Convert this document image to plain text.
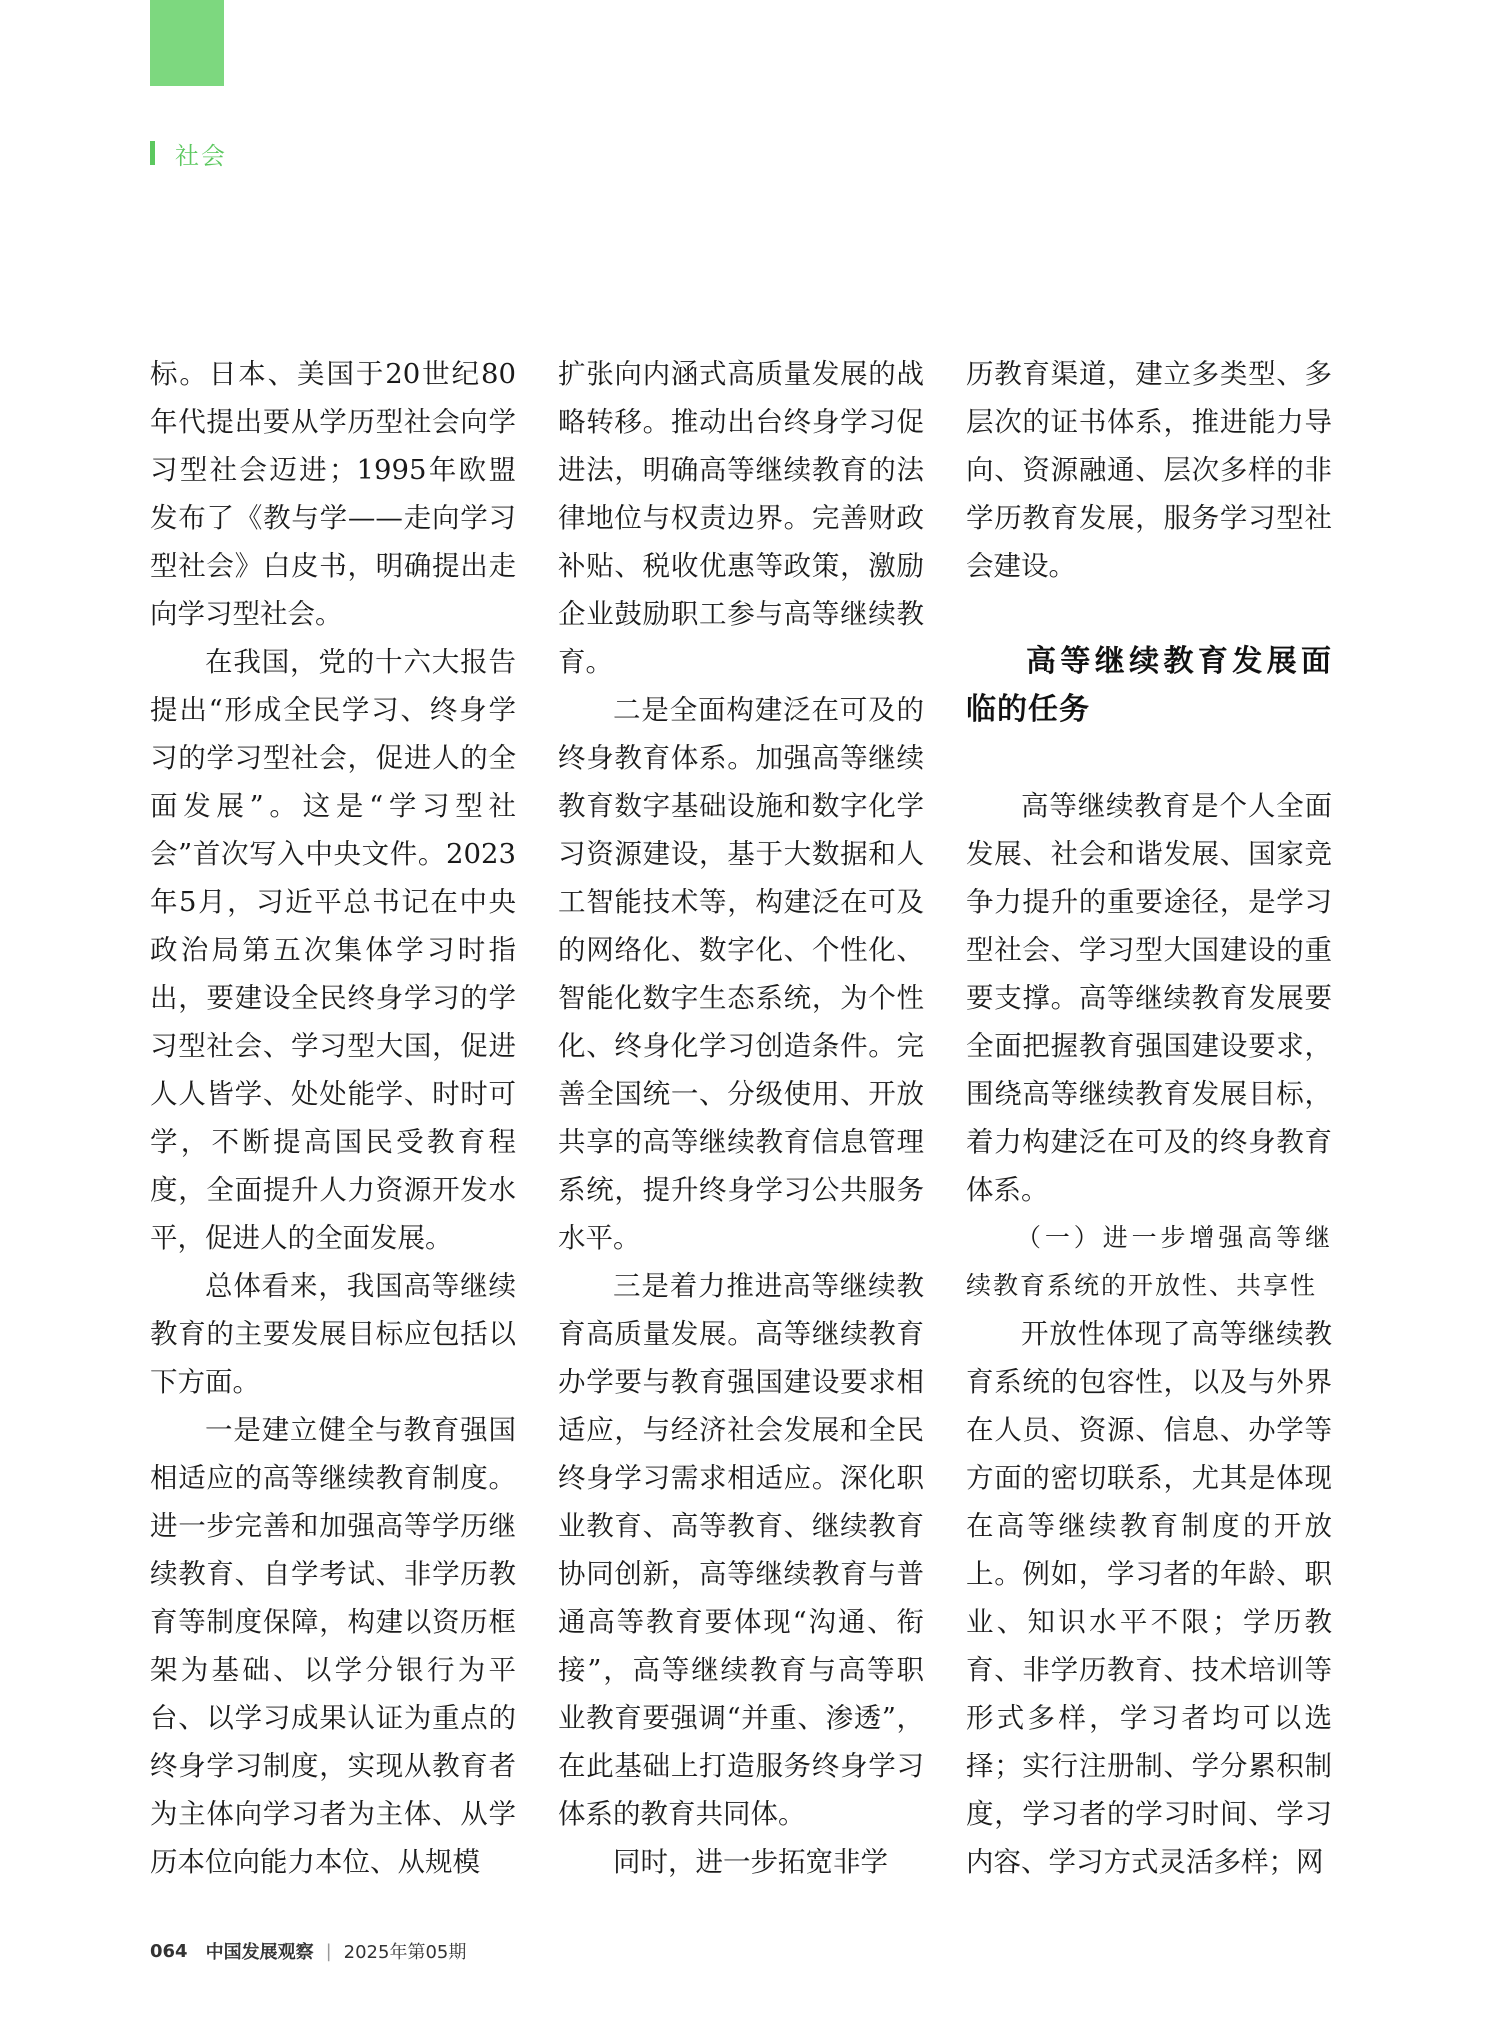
社会

标。日本、美国于20世纪80年代提出要从学历型社会向学习型社会迈进；1995年欧盟发布了《教与学——走向学习型社会》白皮书，明确提出走向学习型社会。

在我国，党的十六大报告提出“形成全民学习、终身学习的学习型社会，促进人的全面发展”。这是“学习型社会”首次写入中央文件。2023年5月，习近平总书记在中央政治局第五次集体学习时指出，要建设全民终身学习的学习型社会、学习型大国，促进人人皆学、处处能学、时时可学，不断提高国民受教育程度，全面提升人力资源开发水平，促进人的全面发展。

总体看来，我国高等继续教育的主要发展目标应包括以下方面。

一是建立健全与教育强国相适应的高等继续教育制度。进一步完善和加强高等学历继续教育、自学考试、非学历教育等制度保障，构建以资历框架为基础、以学分银行为平台、以学习成果认证为重点的终身学习制度，实现从教育者为主体向学习者为主体、从学历本位向能力本位、从规模

扩张向内涵式高质量发展的战略转移。推动出台终身学习促进法，明确高等继续教育的法律地位与权责边界。完善财政补贴、税收优惠等政策，激励企业鼓励职工参与高等继续教育。

二是全面构建泛在可及的终身教育体系。加强高等继续教育数字基础设施和数字化学习资源建设，基于大数据和人工智能技术等，构建泛在可及的网络化、数字化、个性化、智能化数字生态系统，为个性化、终身化学习创造条件。完善全国统一、分级使用、开放共享的高等继续教育信息管理系统，提升终身学习公共服务水平。

三是着力推进高等继续教育高质量发展。高等继续教育办学要与教育强国建设要求相适应，与经济社会发展和全民终身学习需求相适应。深化职业教育、高等教育、继续教育协同创新，高等继续教育与普通高等教育要体现“沟通、衔接”，高等继续教育与高等职业教育要强调“并重、渗透”，在此基础上打造服务终身学习体系的教育共同体。

同时，进一步拓宽非学

历教育渠道，建立多类型、多层次的证书体系，推进能力导向、资源融通、层次多样的非学历教育发展，服务学习型社会建设。

高等继续教育发展面临的任务

高等继续教育是个人全面发展、社会和谐发展、国家竞争力提升的重要途径，是学习型社会、学习型大国建设的重要支撑。高等继续教育发展要全面把握教育强国建设要求，围绕高等继续教育发展目标，着力构建泛在可及的终身教育体系。

（一）进一步增强高等继续教育系统的开放性、共享性

开放性体现了高等继续教育系统的包容性，以及与外界在人员、资源、信息、办学等方面的密切联系，尤其是体现在高等继续教育制度的开放上。例如，学习者的年龄、职业、知识水平不限；学历教育、非学历教育、技术培训等形式多样，学习者均可以选择；实行注册制、学分累积制度，学习者的学习时间、学习内容、学习方式灵活多样；网

064 中国发展观察 | 2025年第05期
